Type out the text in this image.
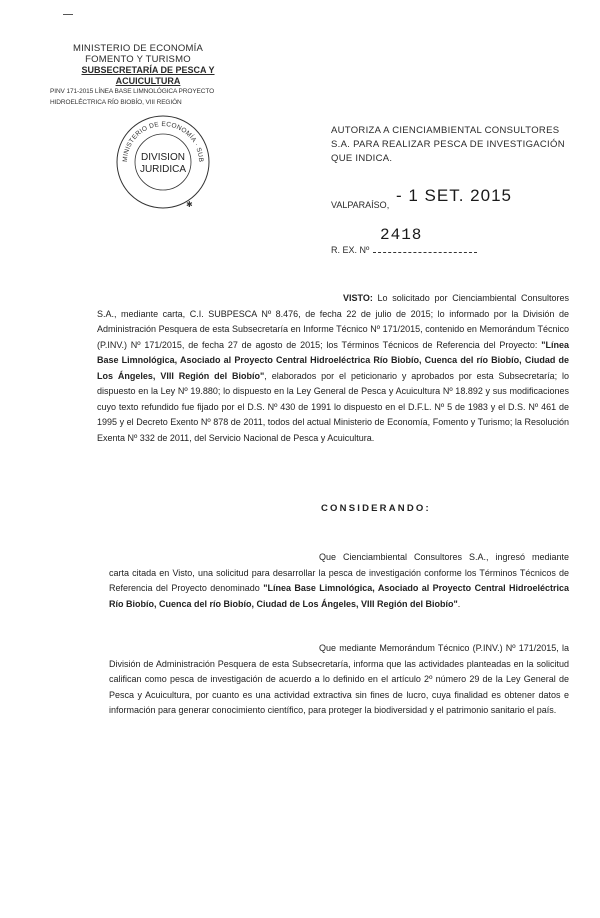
MINISTERIO DE ECONOMÍA
FOMENTO Y TURISMO
SUBSECRETARÍA DE PESCA Y ACUICULTURA
PINV 171-2015 LÍNEA BASE LIMNOLÓGICA PROYECTO
HIDROELÉCTRICA RÍO BIOBÍO, VIII REGIÓN
MINISTERIO DE ECONOMÍA · SUB
DIVISION
JURIDICA
✱
AUTORIZA A CIENCIAMBIENTAL CONSULTORES S.A. PARA REALIZAR PESCA DE INVESTIGACIÓN QUE INDICA.
- 1 SET. 2015
VALPARAÍSO,
2418
R. EX. Nº
VISTO: Lo solicitado por Cienciambiental Consultores S.A., mediante carta, C.I. SUBPESCA Nº 8.476, de fecha 22 de julio de 2015; lo informado por la División de Administración Pesquera de esta Subsecretaría en Informe Técnico Nº 171/2015, contenido en Memorándum Técnico (P.INV.) Nº 171/2015, de fecha 27 de agosto de 2015; los Términos Técnicos de Referencia del Proyecto: "Línea Base Limnológica, Asociado al Proyecto Central Hidroeléctrica Río Biobío, Cuenca del río Biobío, Ciudad de Los Ángeles, VIII Región del Biobío", elaborados por el peticionario y aprobados por esta Subsecretaría; lo dispuesto en la Ley Nº 19.880; lo dispuesto en la Ley General de Pesca y Acuicultura Nº 18.892 y sus modificaciones cuyo texto refundido fue fijado por el D.S. Nº 430 de 1991 lo dispuesto en el D.F.L. Nº 5 de 1983 y el D.S. Nº 461 de 1995 y el Decreto Exento Nº 878 de 2011, todos del actual Ministerio de Economía, Fomento y Turismo; la Resolución Exenta Nº 332 de 2011, del Servicio Nacional de Pesca y Acuicultura.
CONSIDERANDO:
Que Cienciambiental Consultores S.A., ingresó mediante carta citada en Visto, una solicitud para desarrollar la pesca de investigación conforme los Términos Técnicos de Referencia del Proyecto denominado "Línea Base Limnológica, Asociado al Proyecto Central Hidroeléctrica Río Biobío, Cuenca del río Biobío, Ciudad de Los Ángeles, VIII Región del Biobío".
Que mediante Memorándum Técnico (P.INV.) Nº 171/2015, la División de Administración Pesquera de esta Subsecretaría, informa que las actividades planteadas en la solicitud califican como pesca de investigación de acuerdo a lo definido en el artículo 2º número 29 de la Ley General de Pesca y Acuicultura, por cuanto es una actividad extractiva sin fines de lucro, cuya finalidad es obtener datos e información para generar conocimiento científico, para proteger la biodiversidad y el patrimonio sanitario el país.
